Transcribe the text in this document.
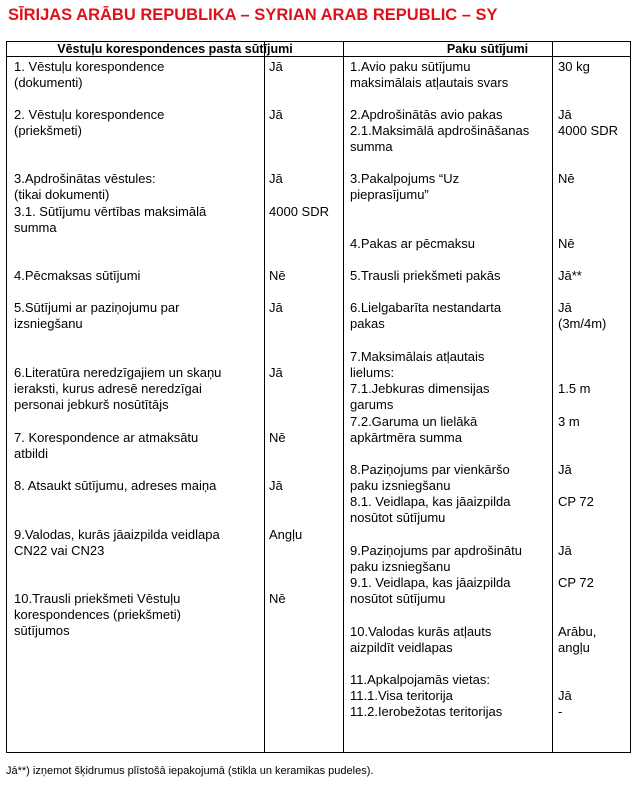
SĪRIJAS ARĀBU REPUBLIKA – SYRIAN ARAB REPUBLIC – SY
Vēstuļu korespondences pasta sūtījumi	Paku sūtījumi
1. Vēstuļu korespondence
(dokumenti)
Jā
2. Vēstuļu korespondence
(priekšmeti)
Jā
3.Apdrošinātas vēstules:
(tikai dokumenti)
Jā
3.1. Sūtījumu vērtības maksimālā
summa
4000 SDR
4.Pēcmaksas sūtījumi	Nē
5.Sūtījumi ar paziņojumu par
izsniegšanu
Jā
6.Literatūra neredzīgajiem un skaņu
ieraksti, kurus adresē neredzīgai
personai jebkurš nosūtītājs
Jā
7. Korespondence ar atmaksātu
atbildi
Nē
8. Atsaukt sūtījumu, adreses maiņa	Jā
9.Valodas, kurās jāaizpilda veidlapa
CN22 vai CN23
Angļu
10.Trausli priekšmeti Vēstuļu
korespondences (priekšmeti)
sūtījumos
Nē
1.Avio paku sūtījumu
maksimālais atļautais svars
30 kg
2.Apdrošinātās avio pakas	Jā
2.1.Maksimālā apdrošināšanas
summa
4000 SDR
3.Pakalpojums “Uz
pieprasījumu”
Nē
4.Pakas ar pēcmaksu	Nē
5.Trausli priekšmeti pakās	Jā**
6.Lielgabarīta nestandarta
pakas
Jā
(3m/4m)
7.Maksimālais atļautais
lielums:
7.1.Jebkuras dimensijas
garums
1.5 m
7.2.Garuma un lielākā
apkārtmēra summa
3 m
8.Paziņojums par vienkāršo
paku izsniegšanu
Jā
8.1. Veidlapa, kas jāaizpilda
nosūtot sūtījumu
CP 72
9.Paziņojums par apdrošinātu
paku izsniegšanu
Jā
9.1. Veidlapa, kas jāaizpilda
nosūtot sūtījumu
CP 72
10.Valodas kurās atļauts
aizpildīt veidlapas
Arābu,
angļu
11.Apkalpojamās vietas:
11.1.Visa teritorija	Jā
11.2.Ierobežotas teritorijas	-
Jā**) izņemot šķidrumus plīstošā iepakojumā (stikla un keramikas pudeles).
